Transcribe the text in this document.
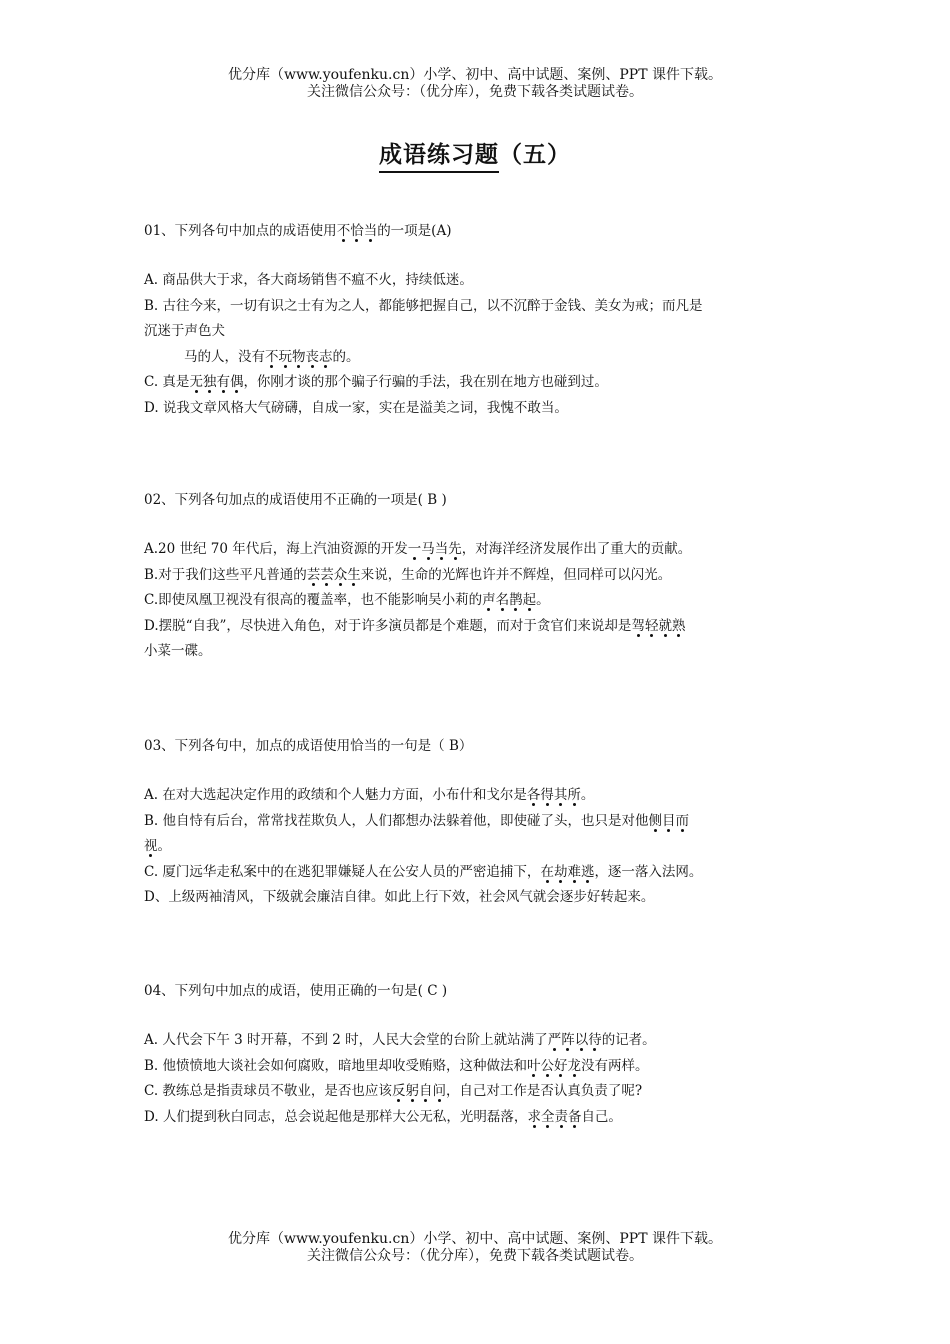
优分库（www.youfenku.cn）小学、初中、高中试题、案例、PPT 课件下载。
关注微信公众号：（优分库），免费下载各类试题试卷。
成语练习题（五）
01、下列各句中加点的成语使用不恰当的一项是(A)
A. 商品供大于求，各大商场销售不瘟不火，持续低迷。
B. 古往今来，一切有识之士有为之人，都能够把握自己，以不沉醉于金钱、美女为戒；而凡是
沉迷于声色犬
马的人，没有不玩物丧志的。
C. 真是无独有偶，你刚才谈的那个骗子行骗的手法，我在别在地方也碰到过。
D. 说我文章风格大气磅礴，自成一家，实在是溢美之词，我愧不敢当。
02、下列各句加点的成语使用不正确的一项是( B )
A.20 世纪 70 年代后，海上汽油资源的开发一马当先，对海洋经济发展作出了重大的贡献。
B.对于我们这些平凡普通的芸芸众生来说，生命的光辉也许并不辉煌，但同样可以闪光。
C.即使凤凰卫视没有很高的覆盖率，也不能影响吴小莉的声名鹊起。
D.摆脱“自我”，尽快进入角色，对于许多演员都是个难题，而对于贪官们来说却是驾轻就熟
小菜一碟。
03、下列各句中，加点的成语使用恰当的一句是（ B）
A. 在对大选起决定作用的政绩和个人魅力方面，小布什和戈尔是各得其所。
B. 他自恃有后台，常常找茬欺负人，人们都想办法躲着他，即使碰了头，也只是对他侧目而
视。
C. 厦门远华走私案中的在逃犯罪嫌疑人在公安人员的严密追捕下，在劫难逃，逐一落入法网。
D、上级两袖清风，下级就会廉洁自律。如此上行下效，社会风气就会逐步好转起来。
04、下列句中加点的成语，使用正确的一句是( C )
A. 人代会下午 3 时开幕，不到 2 时，人民大会堂的台阶上就站满了严阵以待的记者。
B. 他愤愤地大谈社会如何腐败，暗地里却收受贿赂，这种做法和叶公好龙没有两样。
C. 教练总是指责球员不敬业，是否也应该反躬自问，自己对工作是否认真负责了呢?
D. 人们提到秋白同志，总会说起他是那样大公无私，光明磊落，求全责备自己。
优分库（www.youfenku.cn）小学、初中、高中试题、案例、PPT 课件下载。
关注微信公众号：（优分库），免费下载各类试题试卷。
